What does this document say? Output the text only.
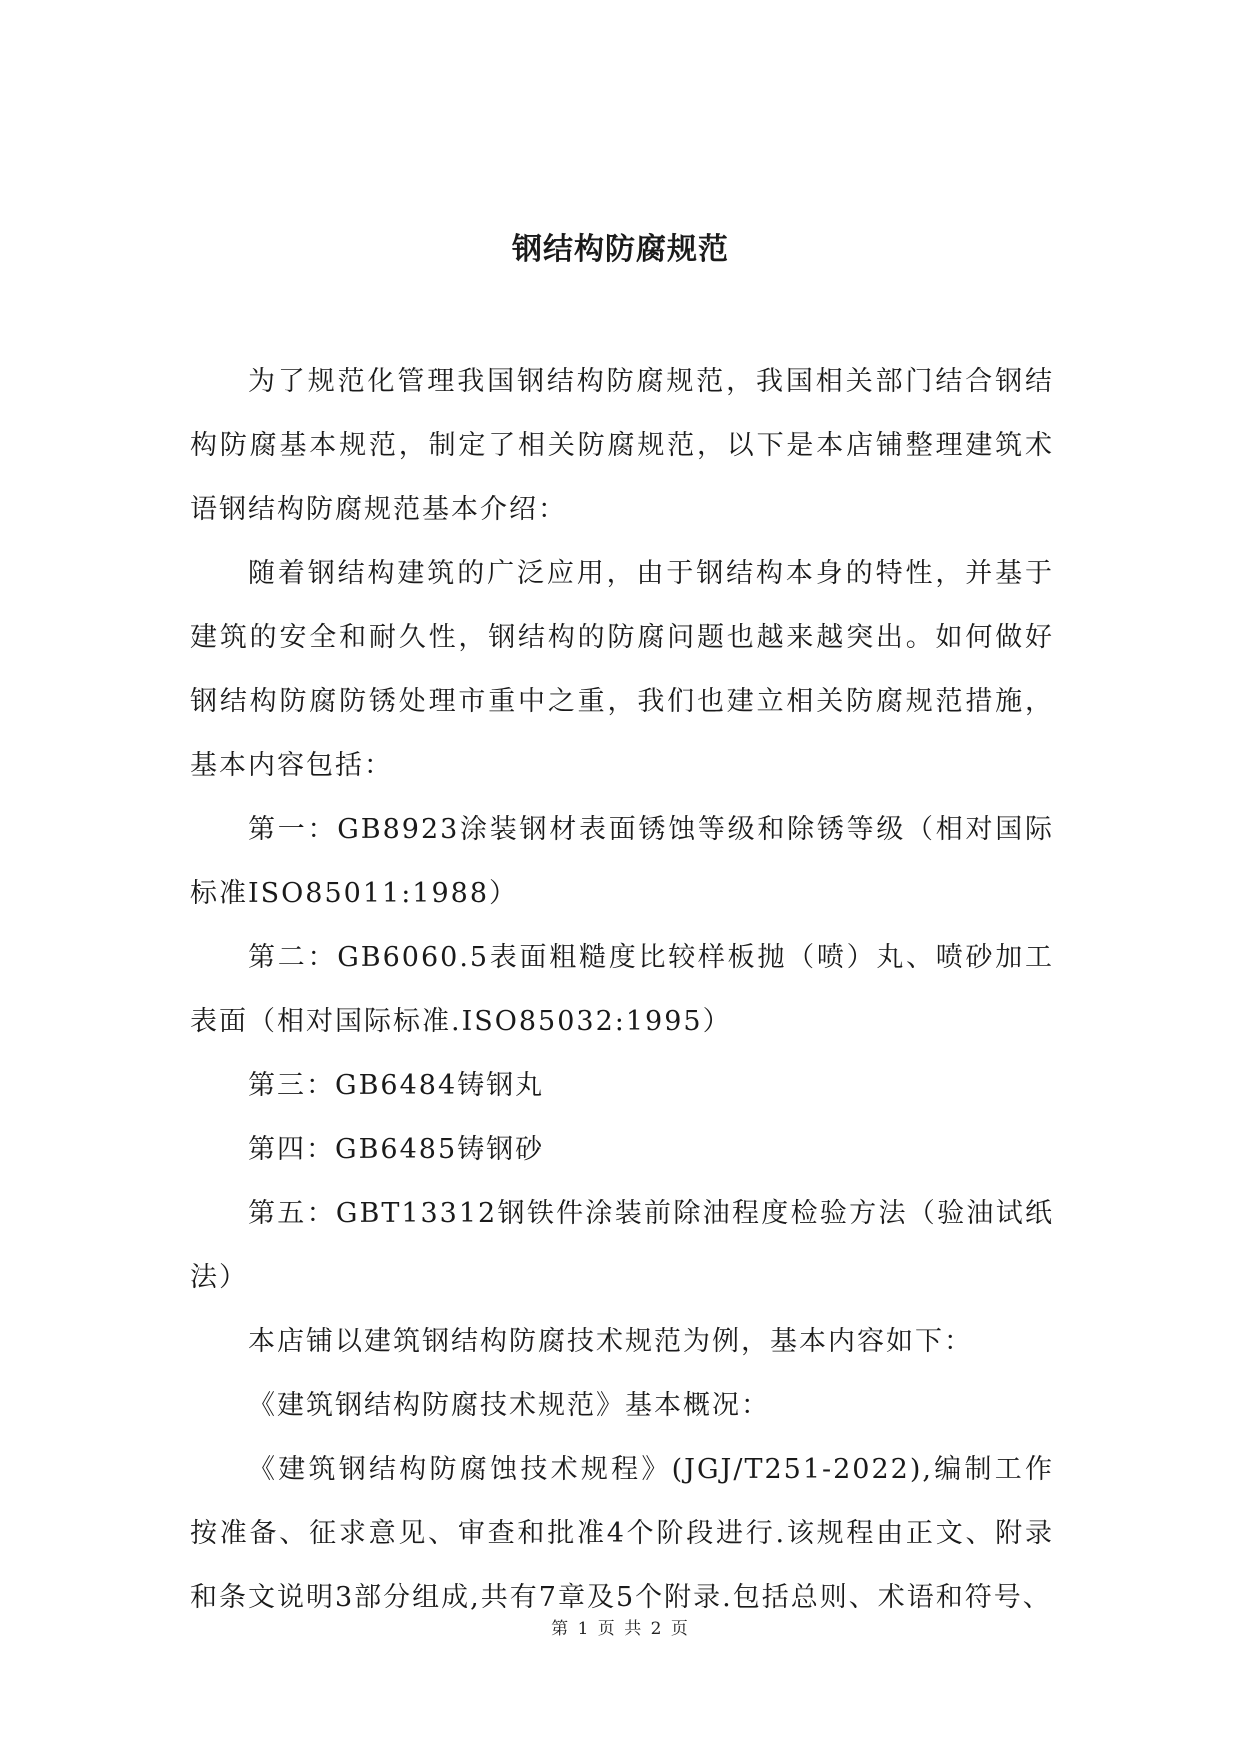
钢结构防腐规范

为了规范化管理我国钢结构防腐规范，我国相关部门结合钢结构防腐基本规范，制定了相关防腐规范，以下是本店铺整理建筑术语钢结构防腐规范基本介绍：

随着钢结构建筑的广泛应用，由于钢结构本身的特性，并基于建筑的安全和耐久性，钢结构的防腐问题也越来越突出。如何做好钢结构防腐防锈处理市重中之重，我们也建立相关防腐规范措施，基本内容包括：

第一：GB8923涂装钢材表面锈蚀等级和除锈等级（相对国际标准ISO85011:1988）

第二：GB6060.5表面粗糙度比较样板抛（喷）丸、喷砂加工表面（相对国际标准.ISO85032:1995）

第三：GB6484铸钢丸

第四：GB6485铸钢砂

第五：GBT13312钢铁件涂装前除油程度检验方法（验油试纸法）

本店铺以建筑钢结构防腐技术规范为例，基本内容如下：

《建筑钢结构防腐技术规范》基本概况：

《建筑钢结构防腐蚀技术规程》(JGJ/T251-2022),编制工作按准备、征求意见、审查和批准4个阶段进行.该规程由正文、附录和条文说明3部分组成,共有7章及5个附录.包括总则、术语和符号、

第 1 页 共 2 页
